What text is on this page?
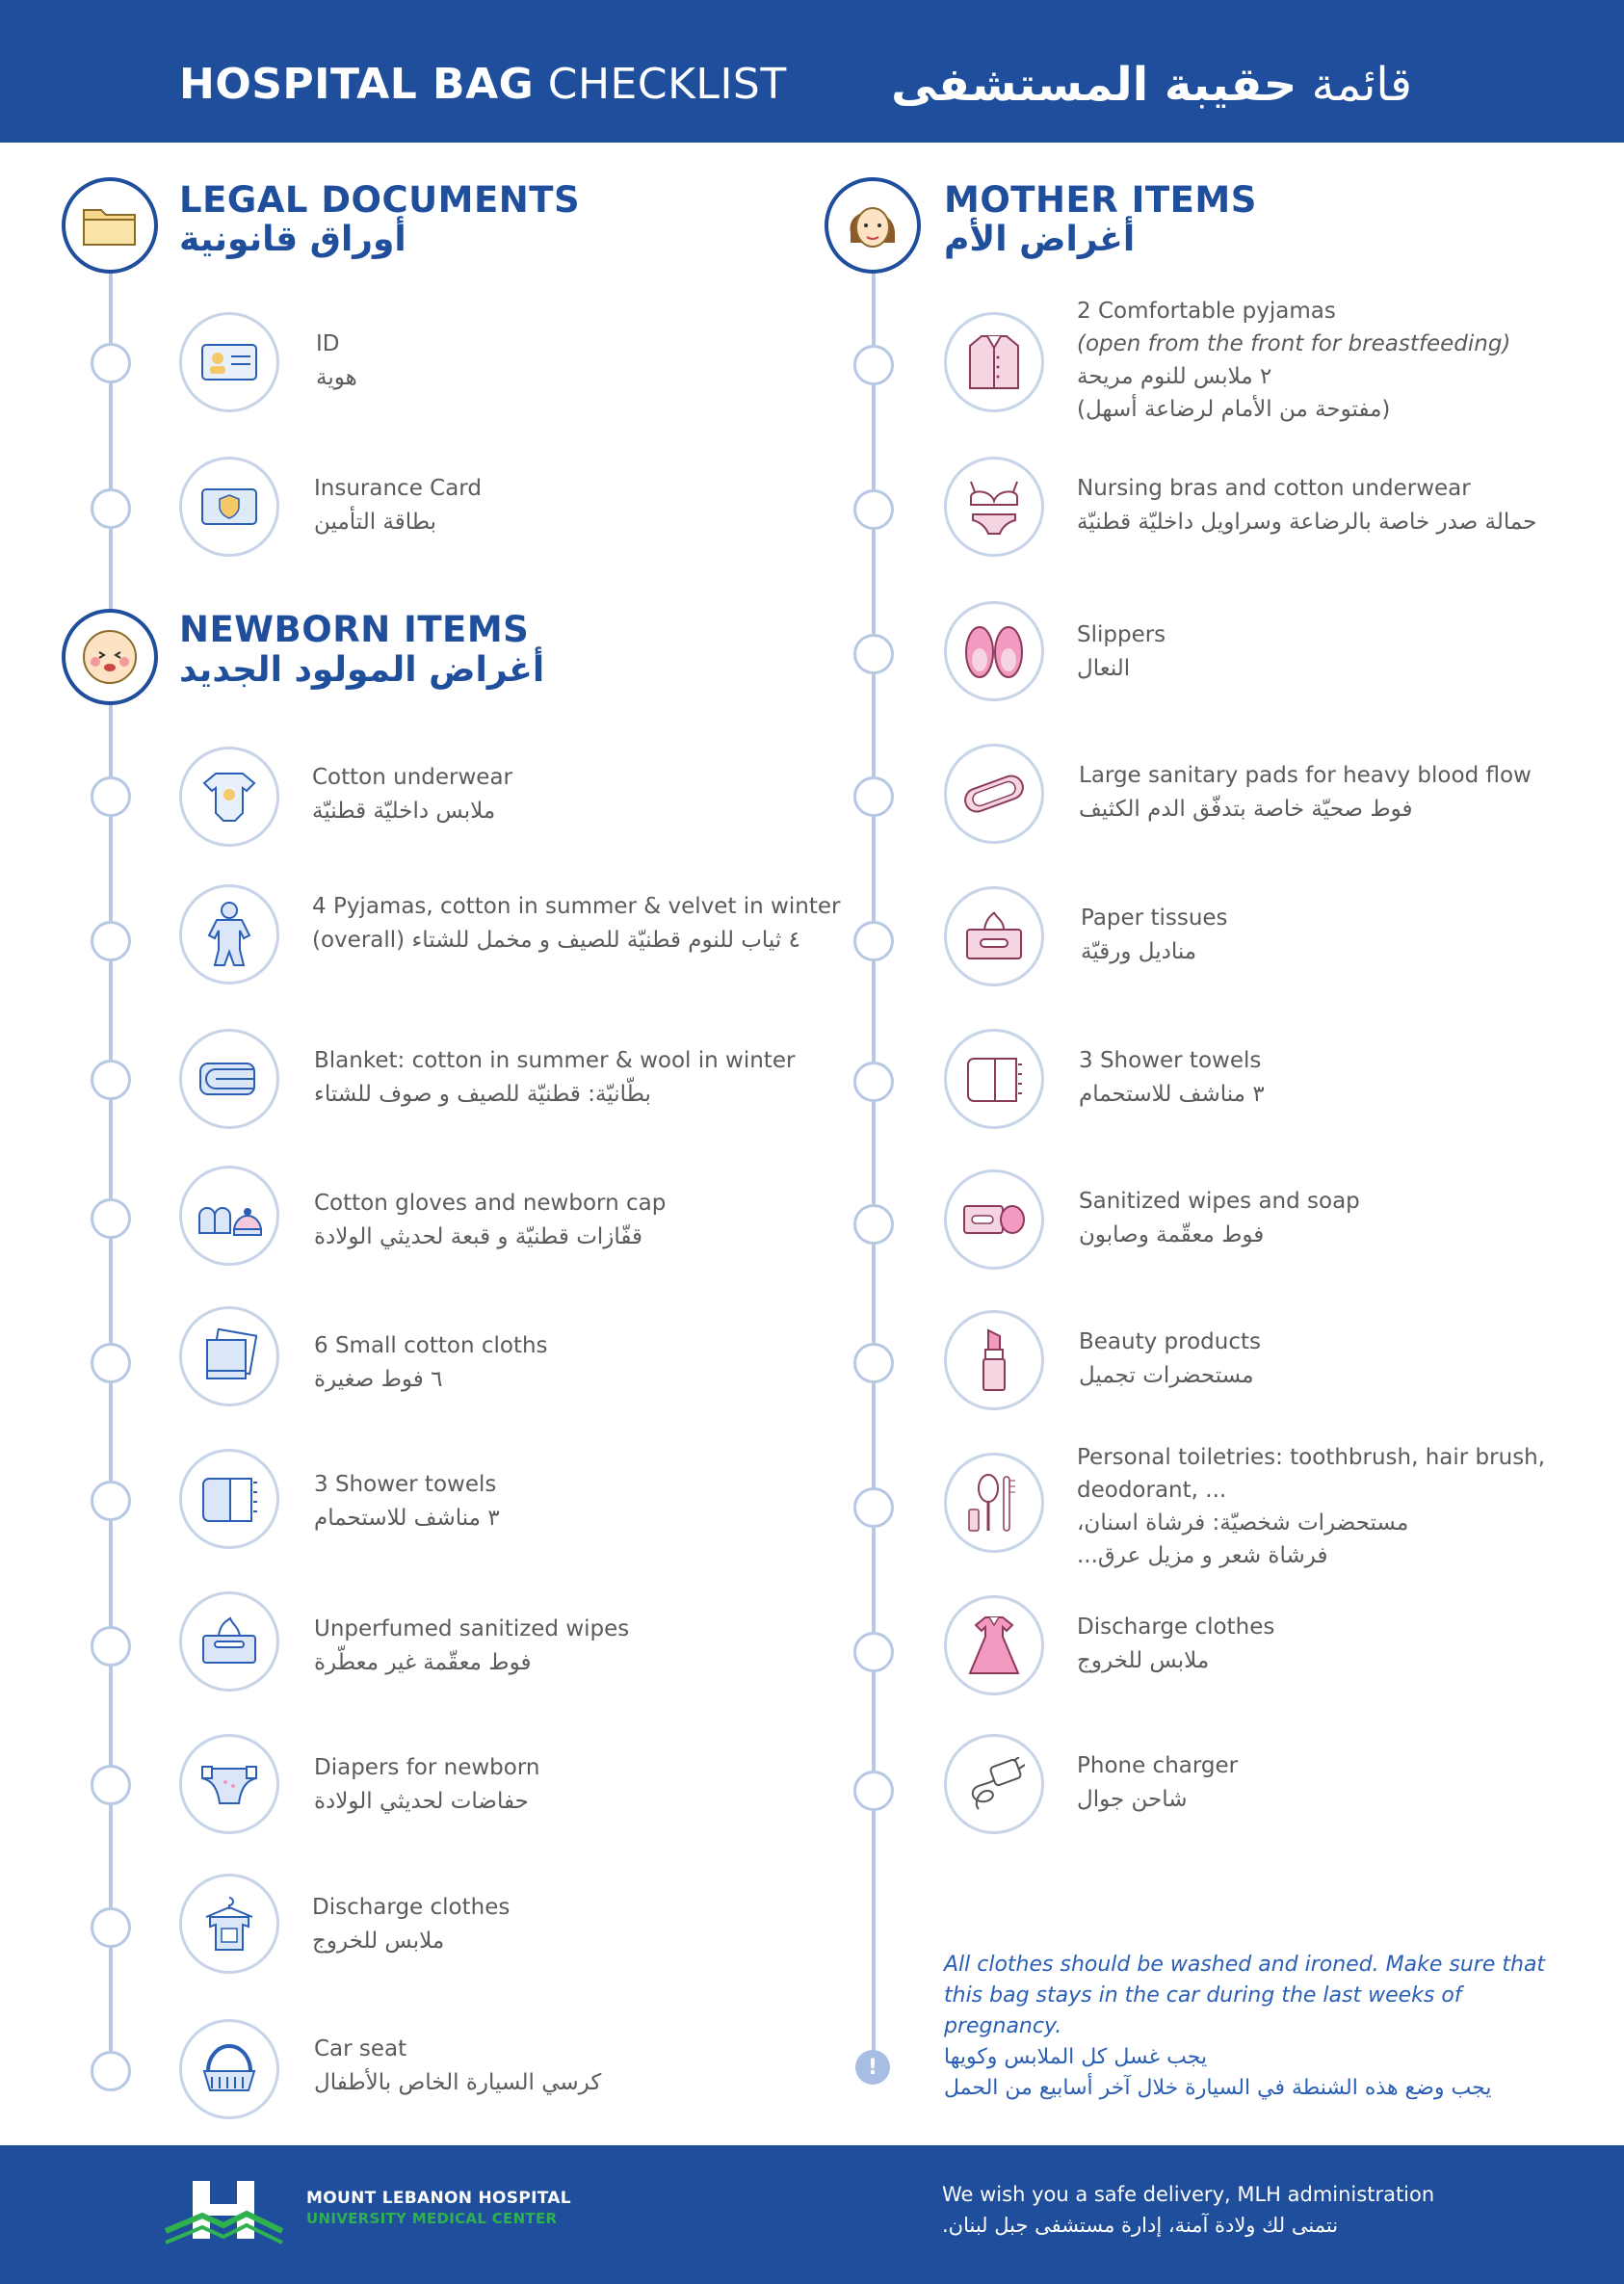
HOSPITAL BAG CHECKLIST	قائمة حقيبة المستشفى
LEGAL DOCUMENTS
أوراق قانونية
ID
هوية
Insurance Card
بطاقة التأمين
NEWBORN ITEMS
أغراض المولود الجديد
Cotton underwear
ملابس داخليّة قطنيّة
4 Pyjamas, cotton in summer & velvet in winter
٤ ثياب للنوم قطنيّة للصيف و مخمل للشتاء (overall)
Blanket: cotton in summer & wool in winter
بطّانيّة: قطنيّة للصيف و صوف للشتاء
Cotton gloves and newborn cap
قفّازات قطنيّة و قبعة لحديثي الولادة
6 Small cotton cloths
٦ فوط صغيرة
3 Shower towels
٣ مناشف للاستحمام
Unperfumed sanitized wipes
فوط معقّمة غير معطّرة
Diapers for newborn
حفاضات لحديثي الولادة
Discharge clothes
ملابس للخروج
Car seat
كرسي السيارة الخاص بالأطفال
MOTHER ITEMS
أغراض الأم
2 Comfortable pyjamas
(open from the front for breastfeeding)
٢ ملابس للنوم مريحة
(مفتوحة من الأمام لرضاعة أسهل)
Nursing bras and cotton underwear
حمالة صدر خاصة بالرضاعة وسراويل داخليّة قطنيّة
Slippers
النعال
Large sanitary pads for heavy blood flow
فوط صحيّة خاصة بتدفّق الدم الكثيف
Paper tissues
مناديل ورقيّة
3 Shower towels
٣ مناشف للاستحمام
Sanitized wipes and soap
فوط معقّمة وصابون
Beauty products
مستحضرات تجميل
Personal toiletries: toothbrush, hair brush,
deodorant, ...
مستحضرات شخصيّة: فرشاة اسنان،
فرشاة شعر و مزيل عرق...
Discharge clothes
ملابس للخروج
Phone charger
شاحن جوال
All clothes should be washed and ironed. Make sure that this bag stays in the car during the last weeks of pregnancy.
!	يجب غسل كل الملابس وكويها
يجب وضع هذه الشنطة في السيارة خلال آخر أسابيع من الحمل
MOUNT LEBANON HOSPITAL
UNIVERSITY MEDICAL CENTER
We wish you a safe delivery, MLH administration
نتمنى لك ولادة آمنة، إدارة مستشفى جبل لبنان.
